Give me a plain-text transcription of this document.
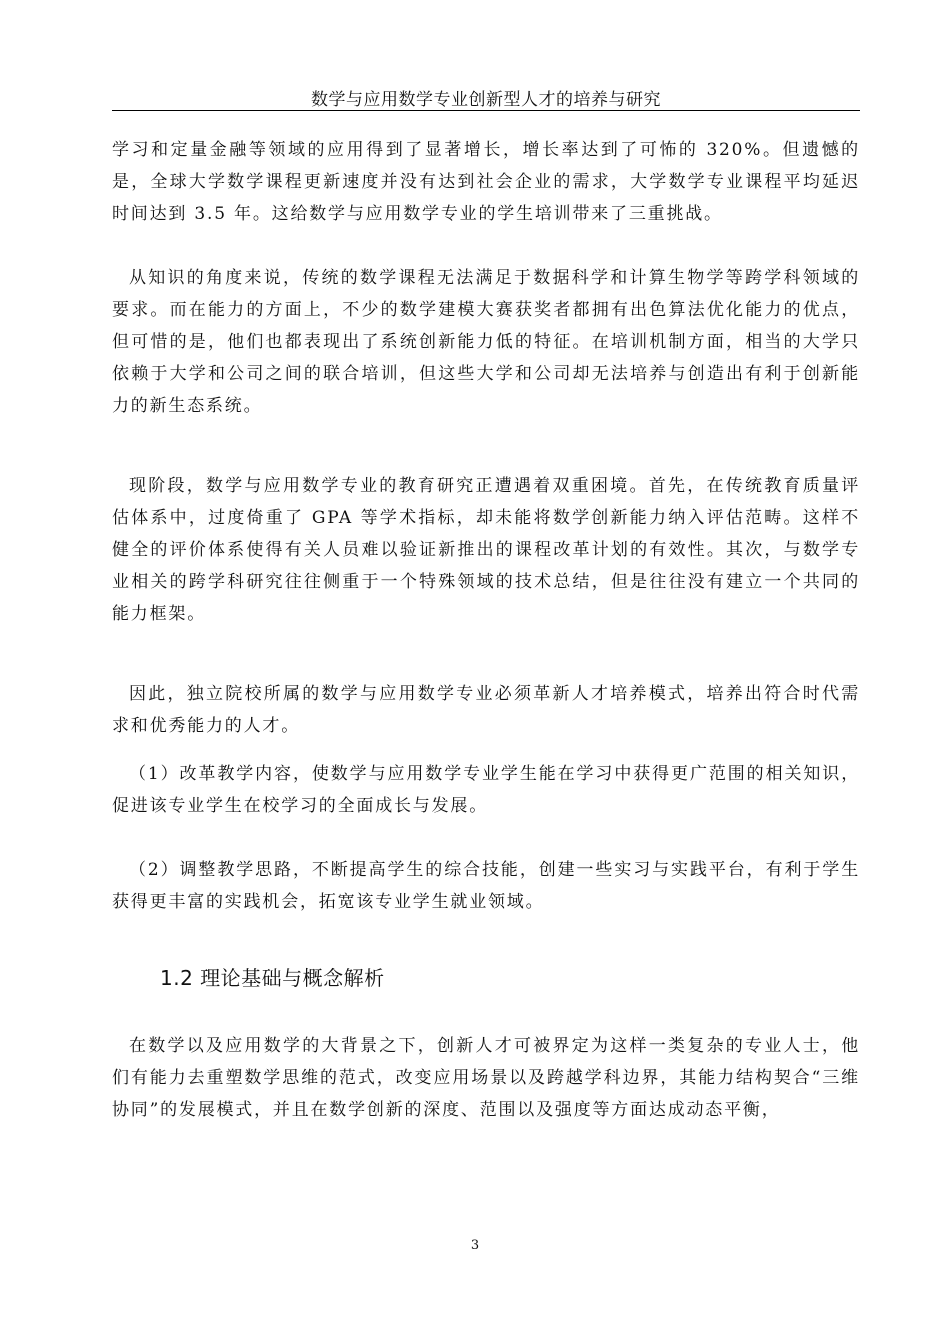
数学与应用数学专业创新型人才的培养与研究

学习和定量金融等领域的应用得到了显著增长，增长率达到了可怖的 320%。但遗憾的是，全球大学数学课程更新速度并没有达到社会企业的需求，大学数学专业课程平均延迟时间达到 3.5 年。这给数学与应用数学专业的学生培训带来了三重挑战。

从知识的角度来说，传统的数学课程无法满足于数据科学和计算生物学等跨学科领域的要求。而在能力的方面上，不少的数学建模大赛获奖者都拥有出色算法优化能力的优点，但可惜的是，他们也都表现出了系统创新能力低的特征。在培训机制方面，相当的大学只依赖于大学和公司之间的联合培训，但这些大学和公司却无法培养与创造出有利于创新能力的新生态系统。

现阶段，数学与应用数学专业的教育研究正遭遇着双重困境。首先，在传统教育质量评估体系中，过度倚重了 GPA 等学术指标，却未能将数学创新能力纳入评估范畴。这样不健全的评价体系使得有关人员难以验证新推出的课程改革计划的有效性。其次，与数学专业相关的跨学科研究往往侧重于一个特殊领域的技术总结，但是往往没有建立一个共同的能力框架。

因此，独立院校所属的数学与应用数学专业必须革新人才培养模式，培养出符合时代需求和优秀能力的人才。

（1）改革教学内容，使数学与应用数学专业学生能在学习中获得更广范围的相关知识，促进该专业学生在校学习的全面成长与发展。

（2）调整教学思路，不断提高学生的综合技能，创建一些实习与实践平台，有利于学生获得更丰富的实践机会，拓宽该专业学生就业领域。

1.2 理论基础与概念解析

在数学以及应用数学的大背景之下，创新人才可被界定为这样一类复杂的专业人士，他们有能力去重塑数学思维的范式，改变应用场景以及跨越学科边界，其能力结构契合“三维协同”的发展模式，并且在数学创新的深度、范围以及强度等方面达成动态平衡，

3
